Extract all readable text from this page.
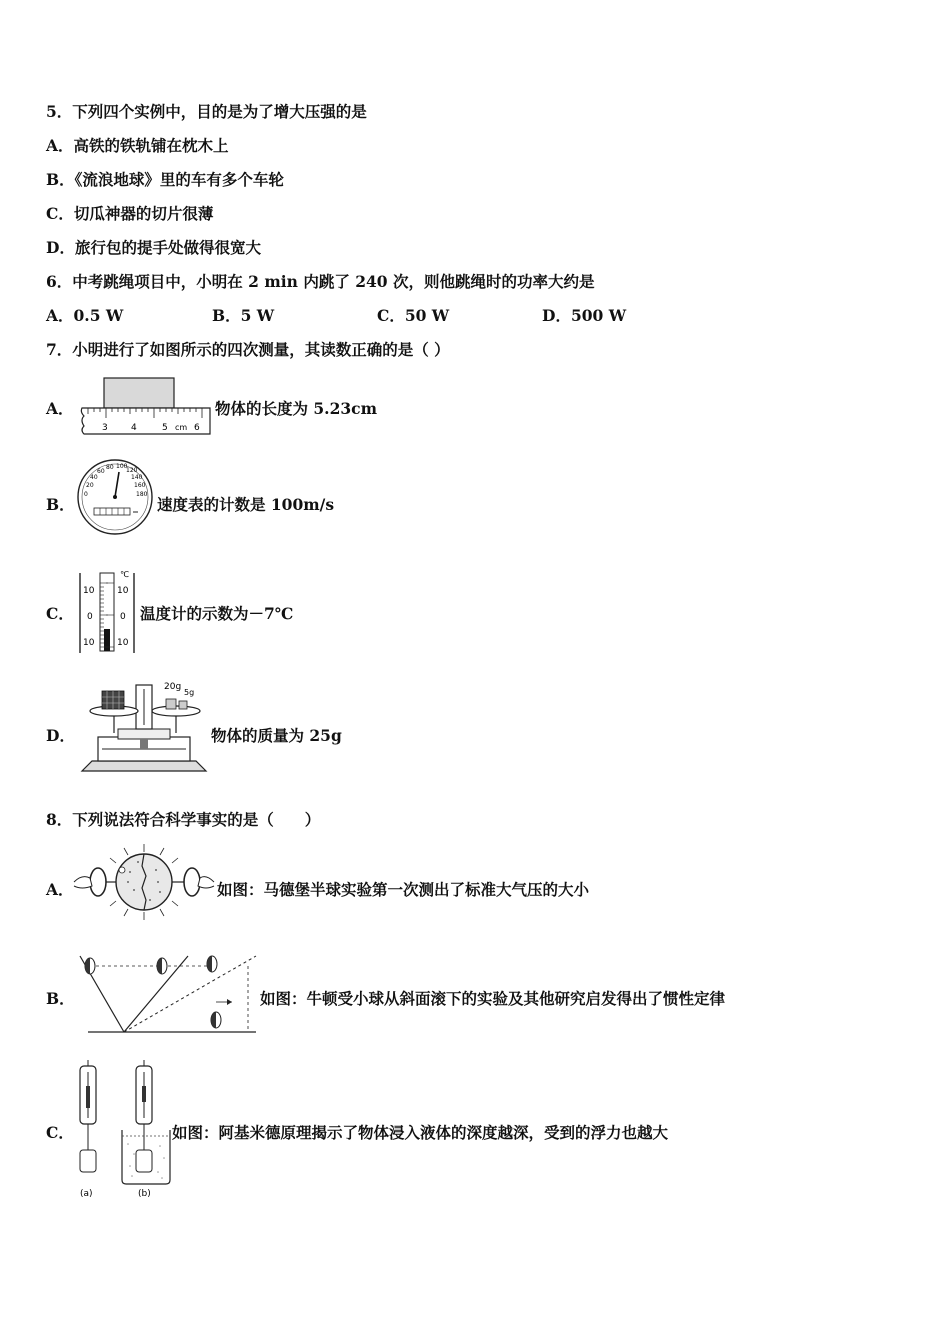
5．下列四个实例中，目的是为了增大压强的是
A．高铁的铁轨铺在枕木上
B．《流浪地球》里的车有多个车轮
C．切瓜神器的切片很薄
D．旅行包的提手处做得很宽大
6．中考跳绳项目中，小明在 2 min 内跳了 240 次，则他跳绳时的功率大约是
A．0.5 W	B．5 W	C．50 W	D．500 W
7．小明进行了如图所示的四次测量，其读数正确的是（ ）
A．
3	4	5 cm 6
物体的长度为 5.23cm
B．
0
20
40
60
80 100
120
140
160
180
速度表的计数是 100m/s
C．
℃
10
0
10
10
0
10
温度计的示数为－7℃
D．
20g
5g
物体的质量为 25g
8．下列说法符合科学事实的是（　　）
A．	如图：马德堡半球实验第一次测出了标准大气压的大小
B．	如图：牛顿受小球从斜面滚下的实验及其他研究启发得出了惯性定律
C．
(a)	(b)
如图：阿基米德原理揭示了物体浸入液体的深度越深，受到的浮力也越大
